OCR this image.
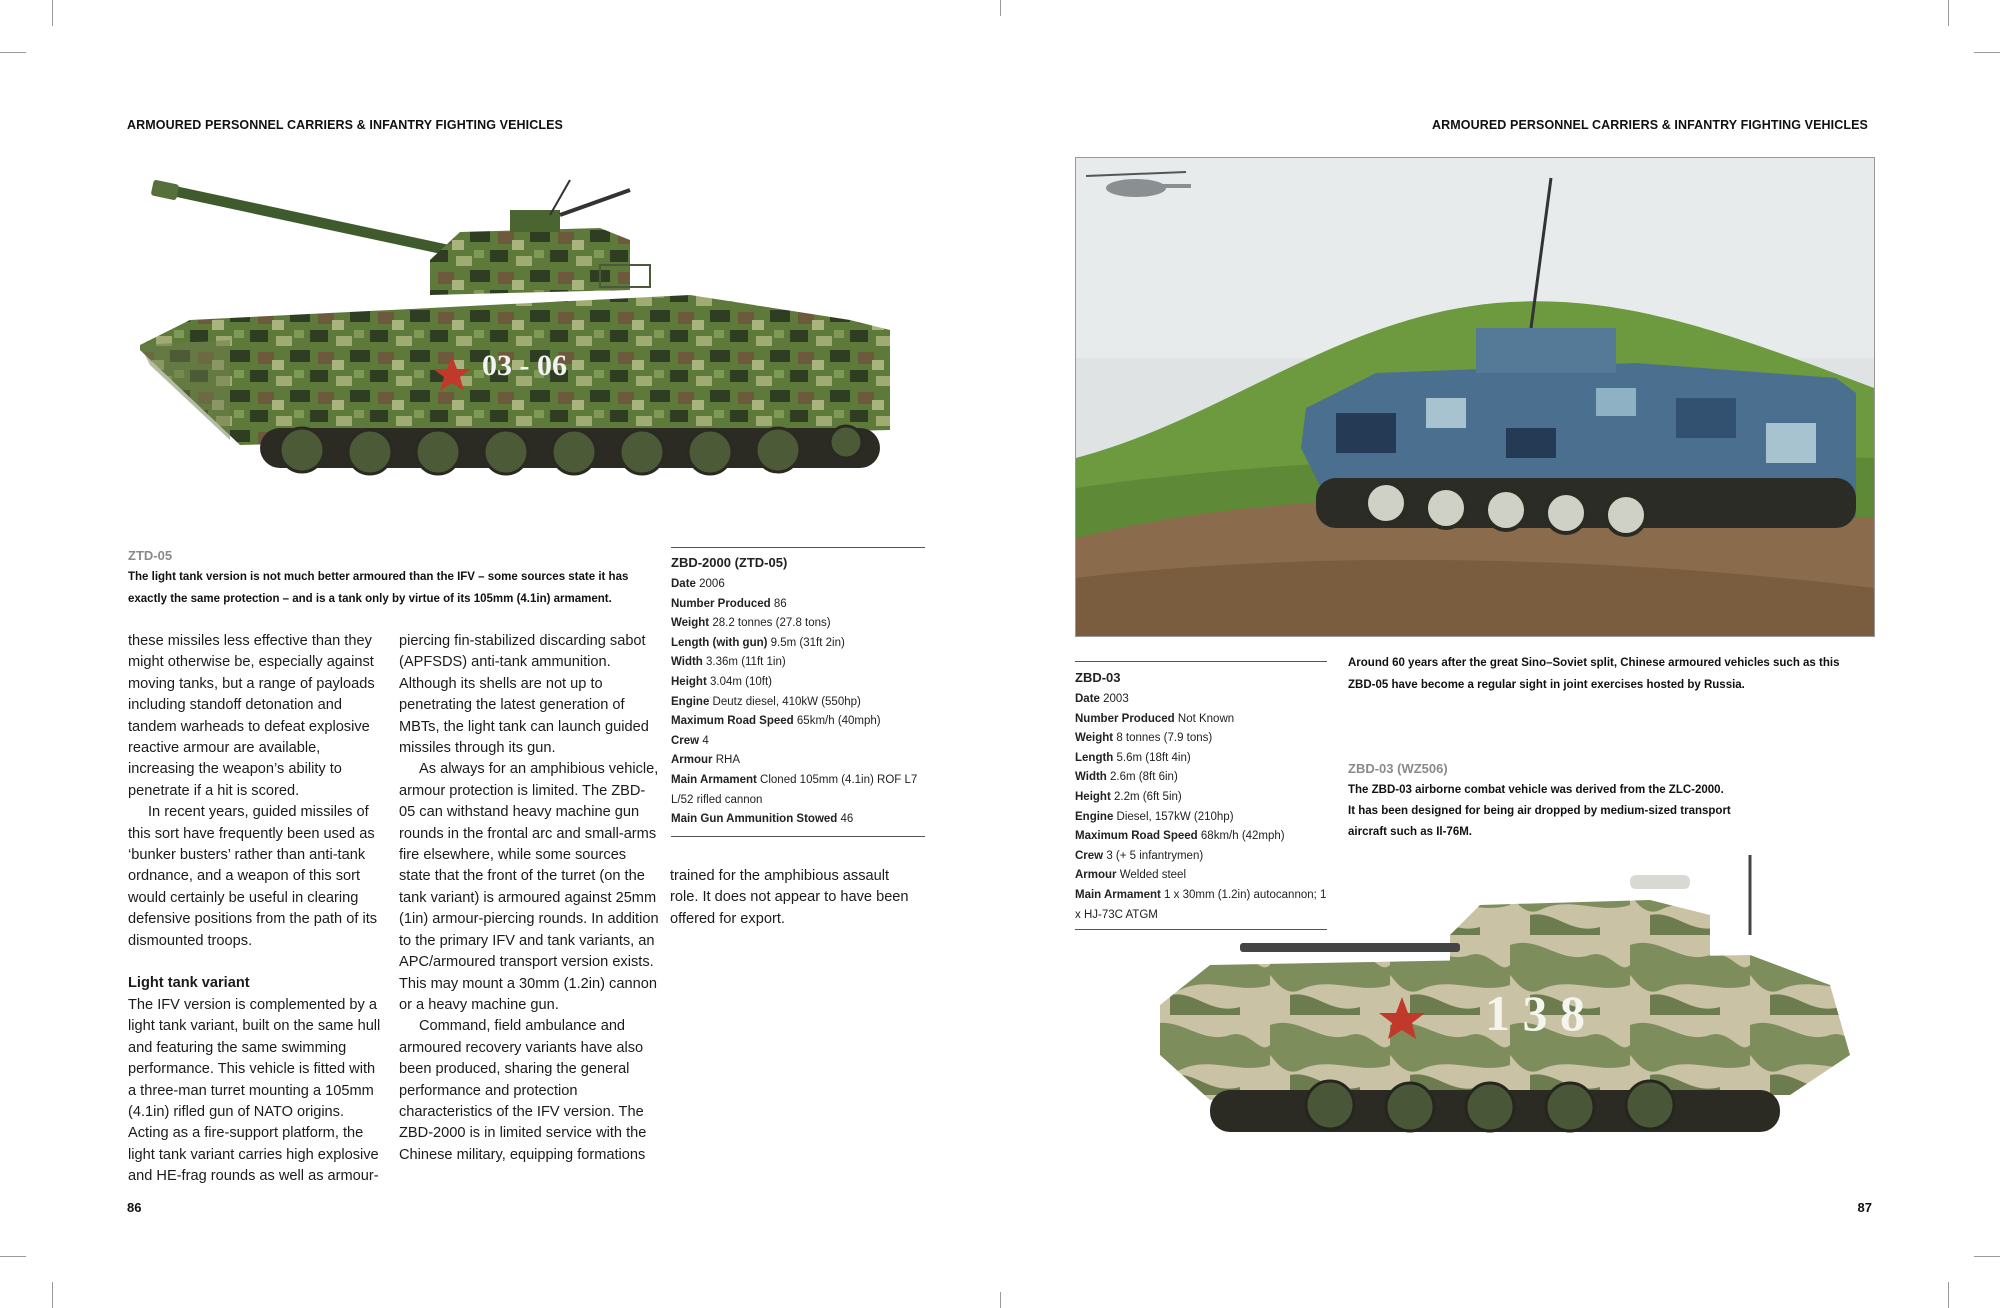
ARMOURED PERSONNEL CARRIERS & INFANTRY FIGHTING VEHICLES	ARMOURED PERSONNEL CARRIERS & INFANTRY FIGHTING VEHICLES
03 - 06
ZTD-05
The light tank version is not much better armoured than the IFV – some sources state it has exactly the same protection – and is a tank only by virtue of its 105mm (4.1in) armament.

these missiles less effective than they might otherwise be, especially against moving tanks, but a range of payloads including standoff detonation and tandem warheads to defeat explosive reactive armour are available, increasing the weapon’s ability to penetrate if a hit is scored.

In recent years, guided missiles of this sort have frequently been used as ‘bunker busters’ rather than anti-tank ordnance, and a weapon of this sort would certainly be useful in clearing defensive positions from the path of its dismounted troops.

Light tank variant

The IFV version is complemented by a light tank variant, built on the same hull and featuring the same swimming performance. This vehicle is fitted with a three-man turret mounting a 105mm (4.1in) rifled gun of NATO origins. Acting as a fire-support platform, the light tank variant carries high explosive and HE-frag rounds as well as armour-

piercing fin-stabilized discarding sabot (APFSDS) anti-tank ammunition. Although its shells are not up to penetrating the latest generation of MBTs, the light tank can launch guided missiles through its gun.

As always for an amphibious vehicle, armour protection is limited. The ZBD-05 can withstand heavy machine gun rounds in the frontal arc and small-arms fire elsewhere, while some sources state that the front of the turret (on the tank variant) is armoured against 25mm (1in) armour-piercing rounds. In addition to the primary IFV and tank variants, an APC/armoured transport version exists. This may mount a 30mm (1.2in) cannon or a heavy machine gun.

Command, field ambulance and armoured recovery variants have also been produced, sharing the general performance and protection characteristics of the IFV version. The ZBD-2000 is in limited service with the Chinese military, equipping formations

trained for the amphibious assault role. It does not appear to have been offered for export.

ZBD-2000 (ZTD-05)
Date 2006
Number Produced 86
Weight 28.2 tonnes (27.8 tons)
Length (with gun) 9.5m (31ft 2in)
Width 3.36m (11ft 1in)
Height 3.04m (10ft)
Engine Deutz diesel, 410kW (550hp)
Maximum Road Speed 65km/h (40mph)
Crew 4
Armour RHA
Main Armament Cloned 105mm (4.1in) ROF L7 L/52 rifled cannon
Main Gun Ammunition Stowed 46
86	87
ZBD-03
Date 2003
Number Produced Not Known
Weight 8 tonnes (7.9 tons)
Length 5.6m (18ft 4in)
Width 2.6m (8ft 6in)
Height 2.2m (6ft 5in)
Engine Diesel, 157kW (210hp)
Maximum Road Speed 68km/h (42mph)
Crew 3 (+ 5 infantrymen)
Armour Welded steel
Main Armament 1 x 30mm (1.2in) autocannon; 1 x HJ-73C ATGM
Around 60 years after the great Sino–Soviet split, Chinese armoured vehicles such as this ZBD-05 have become a regular sight in joint exercises hosted by Russia.
ZBD-03 (WZ506)
The ZBD-03 airborne combat vehicle was derived from the ZLC-2000.
It has been designed for being air dropped by medium-sized transport
aircraft such as Il-76M.
1 3 8
